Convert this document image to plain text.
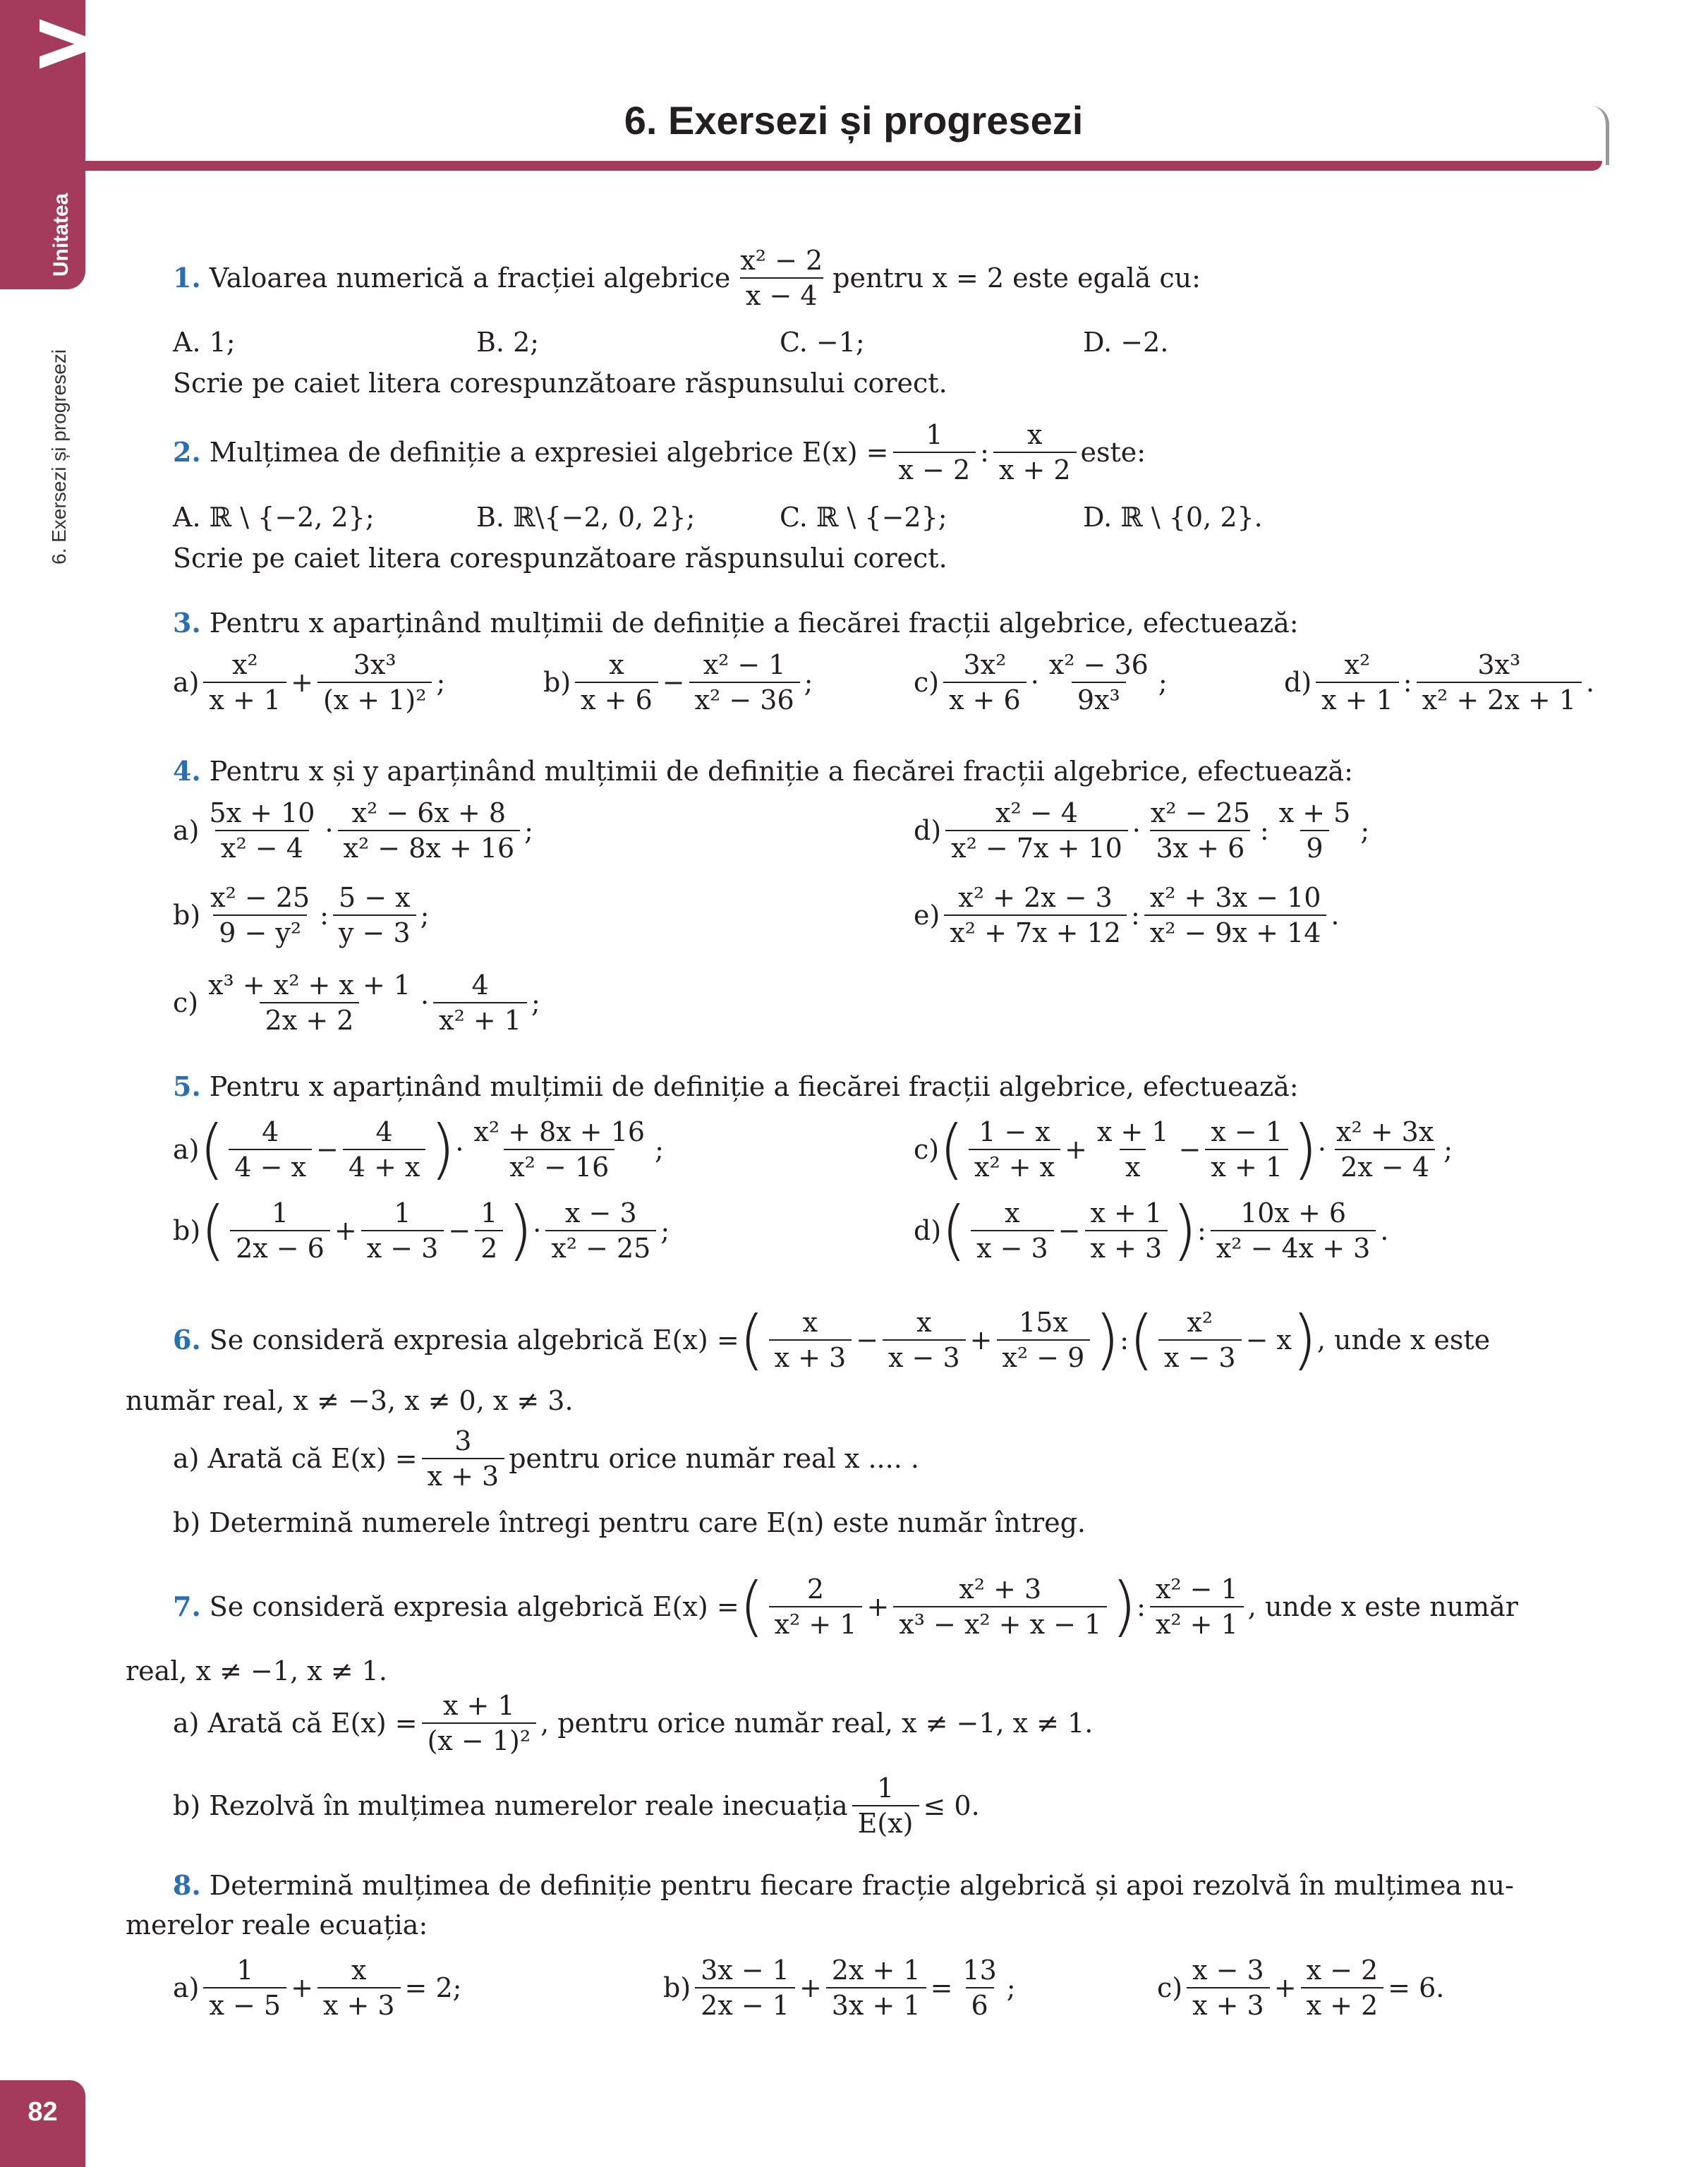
V
Unitatea
6. Exersezi și progresezi
82
6. Exersezi și progresezi
1.
Valoarea numerică a fracției algebrice $\frac{\text{x² − 2}}{x - 4}$ pentru x = 2 este egală cu:
A. 1;	B. 2;	C. −1;	D. −2.
Scrie pe caiet litera corespunzătoare răspunsului corect.
2.
Mulțimea de definiție a expresiei algebrice $E(x) = \frac{1}{x - 2}$ : $\frac{x}{x + 2}$ este:
A. ℝ \ {−2, 2};	B. ℝ\{−2, 0, 2};	C. ℝ \ {−2};	D. ℝ \ {0, 2}.
Scrie pe caiet litera corespunzătoare răspunsului corect.
3. Pentru x aparținând mulțimii de definiție a fiecărei fracții algebrice, efectuează:
$a) \frac{\text{x²}}{x + 1} + \frac{\text{3x³}}{\text{(x + 1)²}}$ ;	$b) \frac{x}{x + 6} - \frac{\text{x² − 1}}{\text{x² − 36}}$ ;	$c) \frac{\text{3x²}}{x + 6} \cdot \frac{\text{x² − 36}}{\text{9x³}}$ ;	$d) \frac{\text{x²}}{x + 1}$ : $\frac{\text{3x³}}{\text{x² + 2x + 1}}$ .
4. Pentru x și y aparținând mulțimii de definiție a fiecărei fracții algebrice, efectuează:
$a) \frac{5x + 10}{\text{x² − 4}} \cdot \frac{\text{x² − 6x + 8}}{\text{x² − 8x + 16}}$ ;	$d) \frac{\text{x² − 4}}{\text{x² − 7x + 10}} \cdot \frac{\text{x² − 25}}{3x + 6}$ : $\frac{x + 5}{9}$ ;
$b) \frac{\text{x² − 25}}{\text{9 − y²}}$ : $\frac{5 - x}{y - 3}$ ;	$e) \frac{\text{x² + 2x − 3}}{\text{x² + 7x + 12}}$ : $\frac{\text{x² + 3x − 10}}{\text{x² − 9x + 14}}$ .
$c) \frac{\text{x³ + x² + x + 1}}{2x + 2} \cdot \frac{4}{\text{x² + 1}}$ ;
5. Pentru x aparținând mulțimii de definiție a fiecărei fracții algebrice, efectuează:
a) ( $\frac{4}{4 - x} - \frac{4}{4 + x}$ ) · $\frac{\text{x² + 8x + 16}}{\text{x² − 16}}$ ;	c) ( $\frac{1 - x}{\text{x² + x}} + \frac{x + 1}{x} - \frac{x - 1}{x + 1}$ ) · $\frac{\text{x² + 3x}}{2x - 4}$ ;
b) ( $\frac{1}{2x - 6} + \frac{1}{x - 3} - \frac{1}{2}$ ) · $\frac{x - 3}{\text{x² − 25}}$ ;	d) ( $\frac{x}{x - 3} - \frac{x + 1}{x + 3}$ ) : $\frac{10x + 6}{\text{x² − 4x + 3}}$ .
6.
Se consideră expresia algebrică E(x) = ( $\frac{x}{x + 3} - \frac{x}{x - 3} + \frac{15x}{\text{x² − 9}}$ ) : ( $\frac{\text{x²}}{x - 3} - x$ ) , unde x este
număr real, x ≠ −3, x ≠ 0, x ≠ 3.
a) Arată că $E(x) = \frac{3}{x + 3}$ pentru orice număr real x .... .
b) Determină numerele întregi pentru care E(n) este număr întreg.
7.
Se consideră expresia algebrică E(x) = ( $\frac{2}{\text{x² + 1}} + \frac{\text{x² + 3}}{\text{x³ − x² + x − 1}}$ ) : $\frac{\text{x² − 1}}{\text{x² + 1}}$ , unde x este număr
real, x ≠ −1, x ≠ 1.
a) Arată că $E(x) = \frac{x + 1}{\text{(x − 1)²}}$ , pentru orice număr real, x ≠ −1, x ≠ 1.
b) Rezolvă în mulțimea numerelor reale inecuația $\frac{1}{E(x)} \le 0$.
8. Determină mulțimea de definiție pentru fiecare fracție algebrică și apoi rezolvă în mulțimea nu-
merelor reale ecuația:
$a) \frac{1}{x - 5} + \frac{x}{x + 3} = 2$;	$b) \frac{3x - 1}{2x - 1} + \frac{2x + 1}{3x + 1} = \frac{13}{6}$ ;	$c) \frac{x - 3}{x + 3} + \frac{x - 2}{x + 2} = 6$.
